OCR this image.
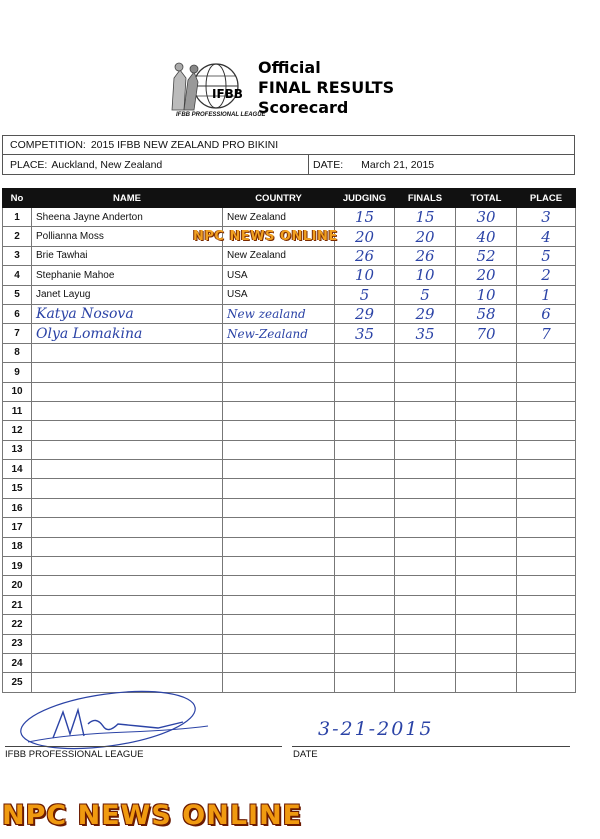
IFBB
IFBB PROFESSIONAL LEAGUE
Official
FINAL RESULTS
Scorecard
COMPETITION: 2015 IFBB NEW ZEALAND PRO BIKINI
PLACE: Auckland, New Zealand	DATE: March 21, 2015
No	NAME	COUNTRY	JUDGING	FINALS	TOTAL	PLACE
1	Sheena Jayne Anderton	New Zealand	15	15	30	3
2	Pollianna Moss		20	20	40	4
3	Brie Tawhai	New Zealand	26	26	52	5
4	Stephanie Mahoe	USA	10	10	20	2
5	Janet Layug	USA	5	5	10	1
6	Katya Nosova	New zealand	29	29	58	6
7	Olya Lomakina	New-Zealand	35	35	70	7
8						
9						
10						
11						
12						
13						
14						
15						
16						
17						
18						
19						
20						
21						
22						
23						
24						
25						
NPC NEWS ONLINE
IFBB PROFESSIONAL LEAGUE	DATE
3-21-2015
NPC NEWS ONLINE
